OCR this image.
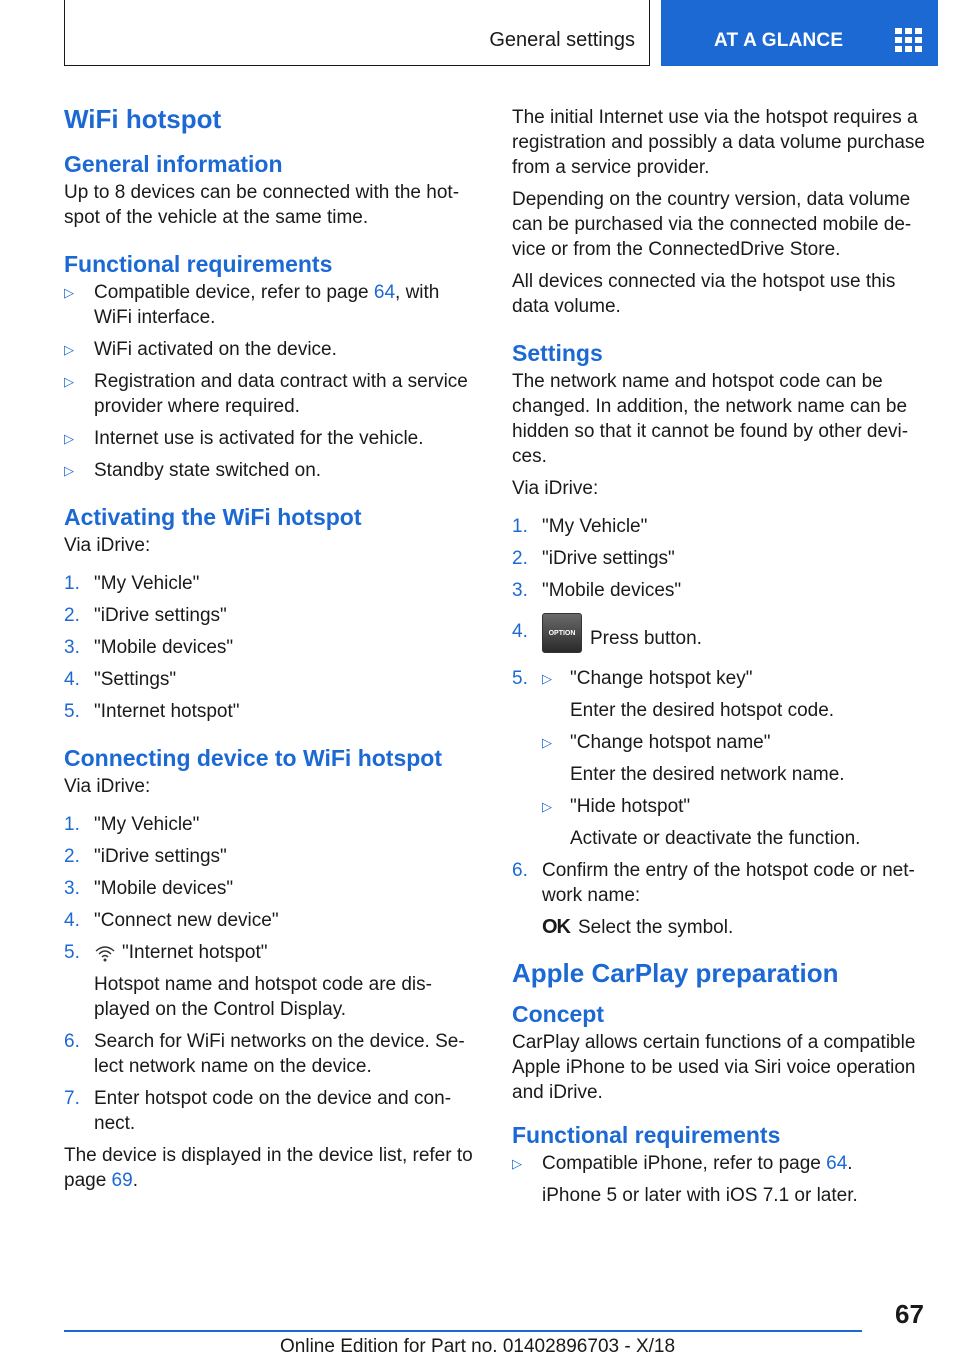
General settings	AT A GLANCE
WiFi hotspot
General information

Up to 8 devices can be connected with the hot-spot of the vehicle at the same time.

Functional requirements
▷ Compatible device, refer to page 64, with WiFi interface.
▷ WiFi activated on the device.
▷ Registration and data contract with a service provider where required.
▷ Internet use is activated for the vehicle.
▷ Standby state switched on.
Activating the WiFi hotspot

Via iDrive:

1. "My Vehicle"
2. "iDrive settings"
3. "Mobile devices"
4. "Settings"
5. "Internet hotspot"
Connecting device to WiFi hotspot

Via iDrive:

1. "My Vehicle"
2. "iDrive settings"
3. "Mobile devices"
4. "Connect new device"
5. "Internet hotspot"
Hotspot name and hotspot code are dis-played on the Control Display.
6. Search for WiFi networks on the device. Se-lect network name on the device.
7. Enter hotspot code on the device and con-nect.

The device is displayed in the device list, refer to page 69.

The initial Internet use via the hotspot requires a registration and possibly a data volume purchase from a service provider.

Depending on the country version, data volume can be purchased via the connected mobile de-vice or from the ConnectedDrive Store.

All devices connected via the hotspot use this data volume.

Settings

The network name and hotspot code can be changed. In addition, the network name can be hidden so that it cannot be found by other devi-ces.

Via iDrive:

1. "My Vehicle"
2. "iDrive settings"
3. "Mobile devices"
4.	OPTION Press button.
5. ▷ "Change hotspot key"
Enter the desired hotspot code.
▷ "Change hotspot name"
Enter the desired network name.
▷ "Hide hotspot"
Activate or deactivate the function.
6. Confirm the entry of the hotspot code or net-work name:
OK Select the symbol.
Apple CarPlay preparation
Concept

CarPlay allows certain functions of a compatible Apple iPhone to be used via Siri voice operation and iDrive.

Functional requirements
▷ Compatible iPhone, refer to page 64.
iPhone 5 or later with iOS 7.1 or later.
67
Online Edition for Part no. 01402896703 - X/18
